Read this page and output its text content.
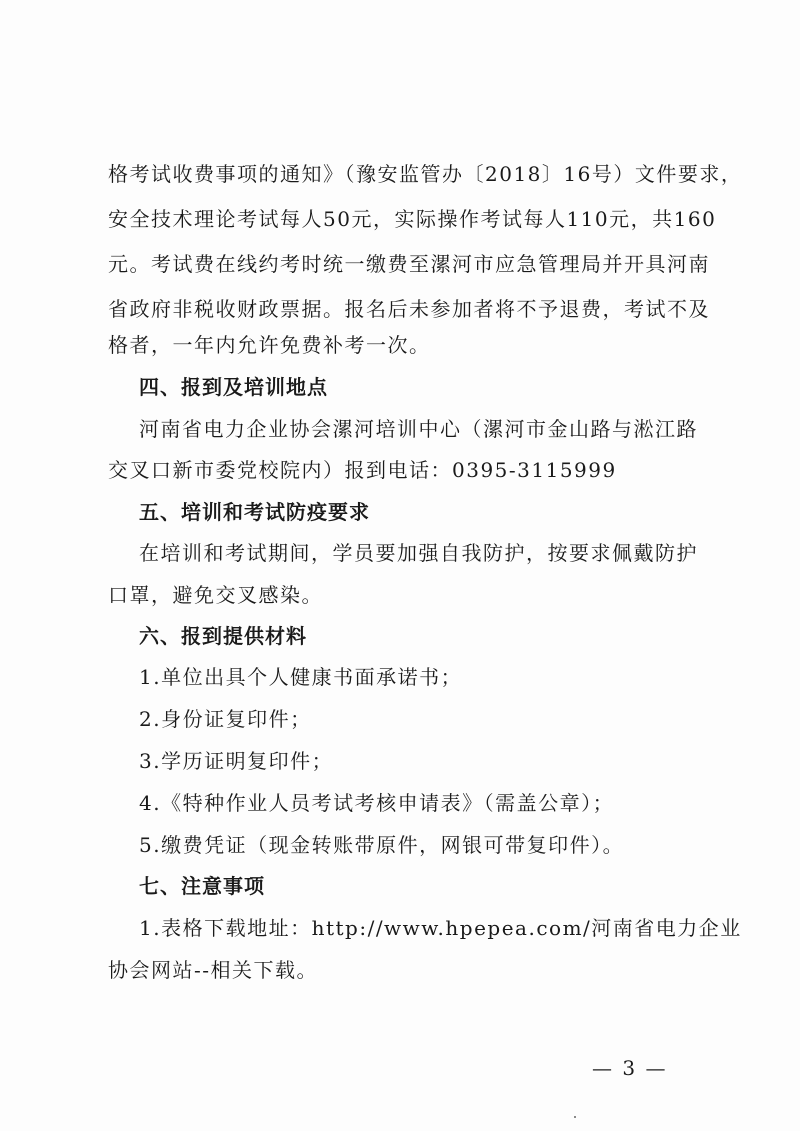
格考试收费事项的通知》（豫安监管办〔2018〕16号）文件要求，
安全技术理论考试每人50元，实际操作考试每人110元，共160
元。考试费在线约考时统一缴费至漯河市应急管理局并开具河南
省政府非税收财政票据。报名后未参加者将不予退费，考试不及
格者，一年内允许免费补考一次。
四、报到及培训地点
河南省电力企业协会漯河培训中心（漯河市金山路与淞江路
交叉口新市委党校院内）报到电话：0395-3115999
五、培训和考试防疫要求
在培训和考试期间，学员要加强自我防护，按要求佩戴防护
口罩，避免交叉感染。
六、报到提供材料
1.单位出具个人健康书面承诺书；
2.身份证复印件；
3.学历证明复印件；
4.《特种作业人员考试考核申请表》（需盖公章）；
5.缴费凭证（现金转账带原件，网银可带复印件）。
七、注意事项
1.表格下载地址：http://www.hpepea.com/河南省电力企业
协会网站--相关下载。
— 3 —
